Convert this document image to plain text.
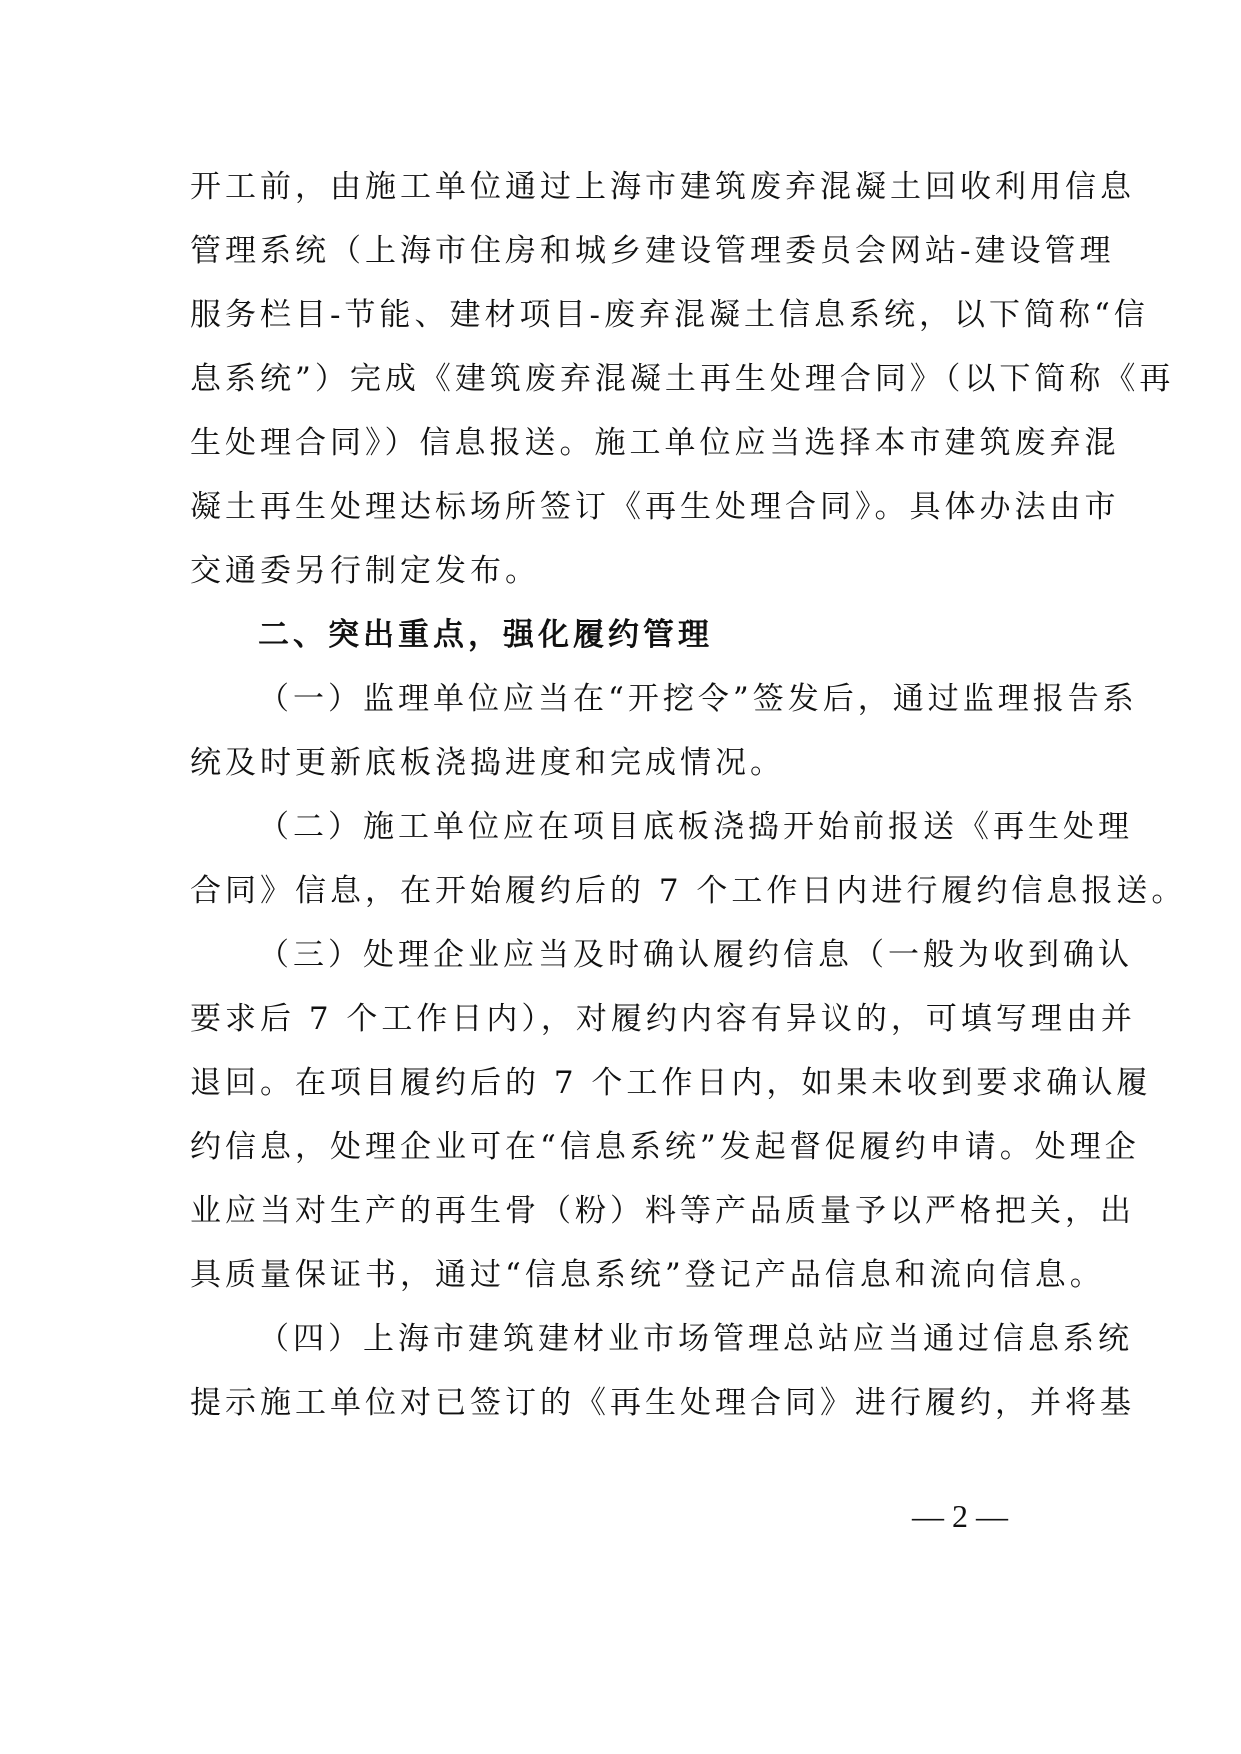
开工前，由施工单位通过上海市建筑废弃混凝土回收利用信息
管理系统（上海市住房和城乡建设管理委员会网站-建设管理
服务栏目-节能、建材项目-废弃混凝土信息系统，以下简称“信
息系统”）完成《建筑废弃混凝土再生处理合同》（以下简称《再
生处理合同》）信息报送。施工单位应当选择本市建筑废弃混
凝土再生处理达标场所签订《再生处理合同》。具体办法由市
交通委另行制定发布。
二、突出重点，强化履约管理
（一）监理单位应当在“开挖令”签发后，通过监理报告系
统及时更新底板浇捣进度和完成情况。
（二）施工单位应在项目底板浇捣开始前报送《再生处理
合同》信息，在开始履约后的 7 个工作日内进行履约信息报送。
（三）处理企业应当及时确认履约信息（一般为收到确认
要求后 7 个工作日内），对履约内容有异议的，可填写理由并
退回。在项目履约后的 7 个工作日内，如果未收到要求确认履
约信息，处理企业可在“信息系统”发起督促履约申请。处理企
业应当对生产的再生骨（粉）料等产品质量予以严格把关，出
具质量保证书，通过“信息系统”登记产品信息和流向信息。
（四）上海市建筑建材业市场管理总站应当通过信息系统
提示施工单位对已签订的《再生处理合同》进行履约，并将基
— 2 —
